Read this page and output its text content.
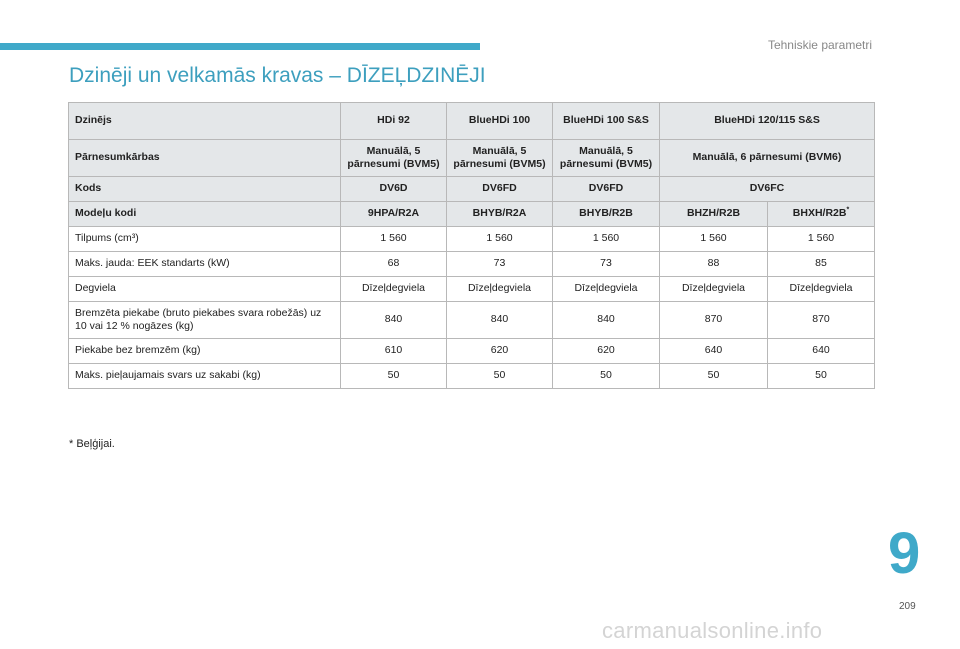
Tehniskie parametri
Dzinēji un velkamās kravas – DĪZEĻDZINĒJI
Dzinējs	HDi 92	BlueHDi 100	BlueHDi 100 S&S	BlueHDi 120/115 S&S	
Pārnesumkārbas	Manuālā, 5 pārnesumi (BVM5)	Manuālā, 5 pārnesumi (BVM5)	Manuālā, 5 pārnesumi (BVM5)	Manuālā, 6 pārnesumi (BVM6)	
Kods	DV6D	DV6FD	DV6FD	DV6FC	
Modeļu kodi	9HPA/R2A	BHYB/R2A	BHYB/R2B	BHZH/R2B	BHXH/R2B*
Tilpums (cm³)	1 560	1 560	1 560	1 560	1 560
Maks. jauda: EEK standarts (kW)	68	73	73	88	85
Degviela	Dīzeļdegviela	Dīzeļdegviela	Dīzeļdegviela	Dīzeļdegviela	Dīzeļdegviela
Bremzēta piekabe (bruto piekabes svara robežās) uz 10 vai 12 % nogāzes (kg)	840	840	840	870	870
Piekabe bez bremzēm (kg)	610	620	620	640	640
Maks. pieļaujamais svars uz sakabi (kg)	50	50	50	50	50
* Beļģijai.
9
209
carmanualsonline.info
